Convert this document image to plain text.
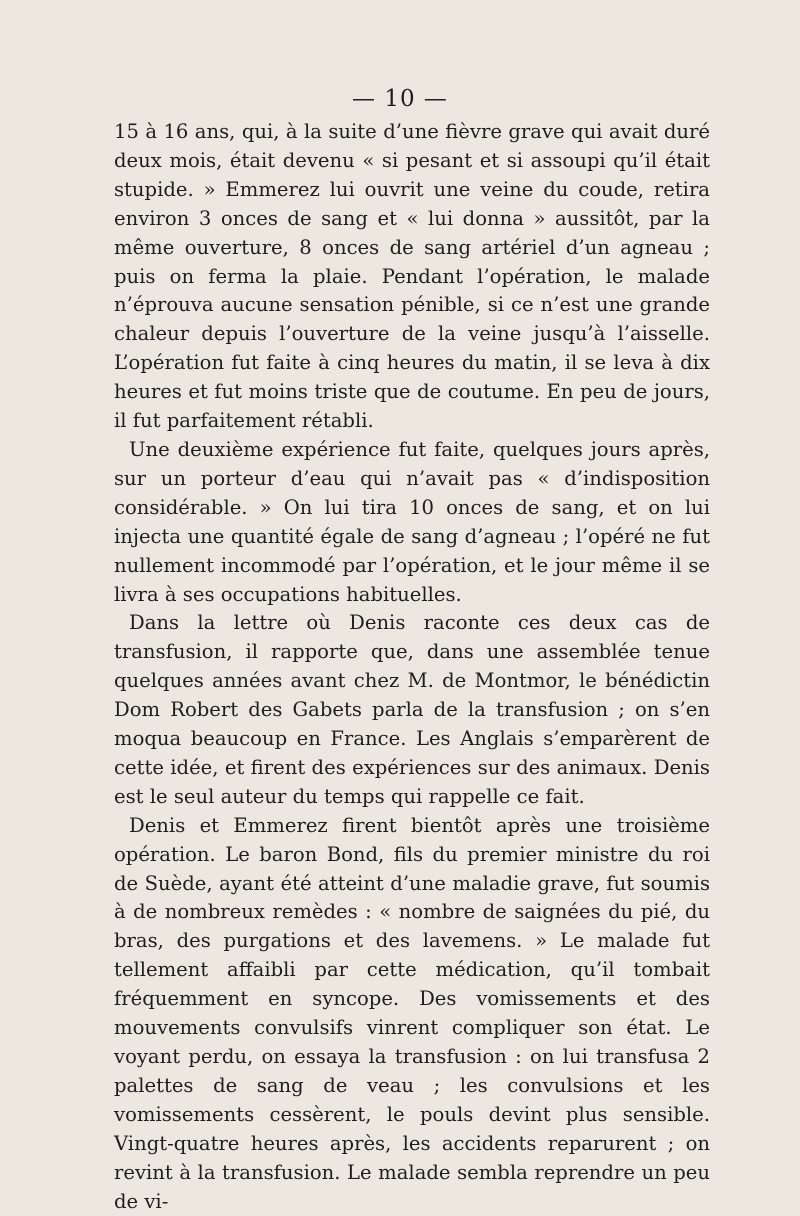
— 10 —

15 à 16 ans, qui, à la suite d’une fièvre grave qui avait duré deux mois, était devenu « si pesant et si assoupi qu’il était stupide. » Emmerez lui ouvrit une veine du coude, retira environ 3 onces de sang et « lui donna » aussitôt, par la même ouverture, 8 onces de sang artériel d’un agneau ; puis on ferma la plaie. Pendant l’opération, le malade n’éprouva aucune sensation pénible, si ce n’est une grande chaleur depuis l’ouverture de la veine jusqu’à l’aisselle. L’opération fut faite à cinq heures du matin, il se leva à dix heures et fut moins triste que de coutume. En peu de jours, il fut parfaitement rétabli.

Une deuxième expérience fut faite, quelques jours après, sur un porteur d’eau qui n’avait pas « d’indisposition considérable. » On lui tira 10 onces de sang, et on lui injecta une quantité égale de sang d’agneau ; l’opéré ne fut nullement incommodé par l’opération, et le jour même il se livra à ses occupations habituelles.

Dans la lettre où Denis raconte ces deux cas de transfusion, il rapporte que, dans une assemblée tenue quelques années avant chez M. de Montmor, le bénédictin Dom Robert des Gabets parla de la transfusion ; on s’en moqua beaucoup en France. Les Anglais s’emparèrent de cette idée, et firent des expériences sur des animaux. Denis est le seul auteur du temps qui rappelle ce fait.

Denis et Emmerez firent bientôt après une troisième opération. Le baron Bond, fils du premier ministre du roi de Suède, ayant été atteint d’une maladie grave, fut soumis à de nombreux remèdes : « nombre de saignées du pié, du bras, des purgations et des lavemens. » Le malade fut tellement affaibli par cette médication, qu’il tombait fréquemment en syncope. Des vomissements et des mouvements convulsifs vinrent compliquer son état. Le voyant perdu, on essaya la transfusion : on lui transfusa 2 palettes de sang de veau ; les convulsions et les vomissements cessèrent, le pouls devint plus sensible. Vingt-quatre heures après, les accidents reparurent ; on revint à la transfusion. Le malade sembla reprendre un peu de vi-
